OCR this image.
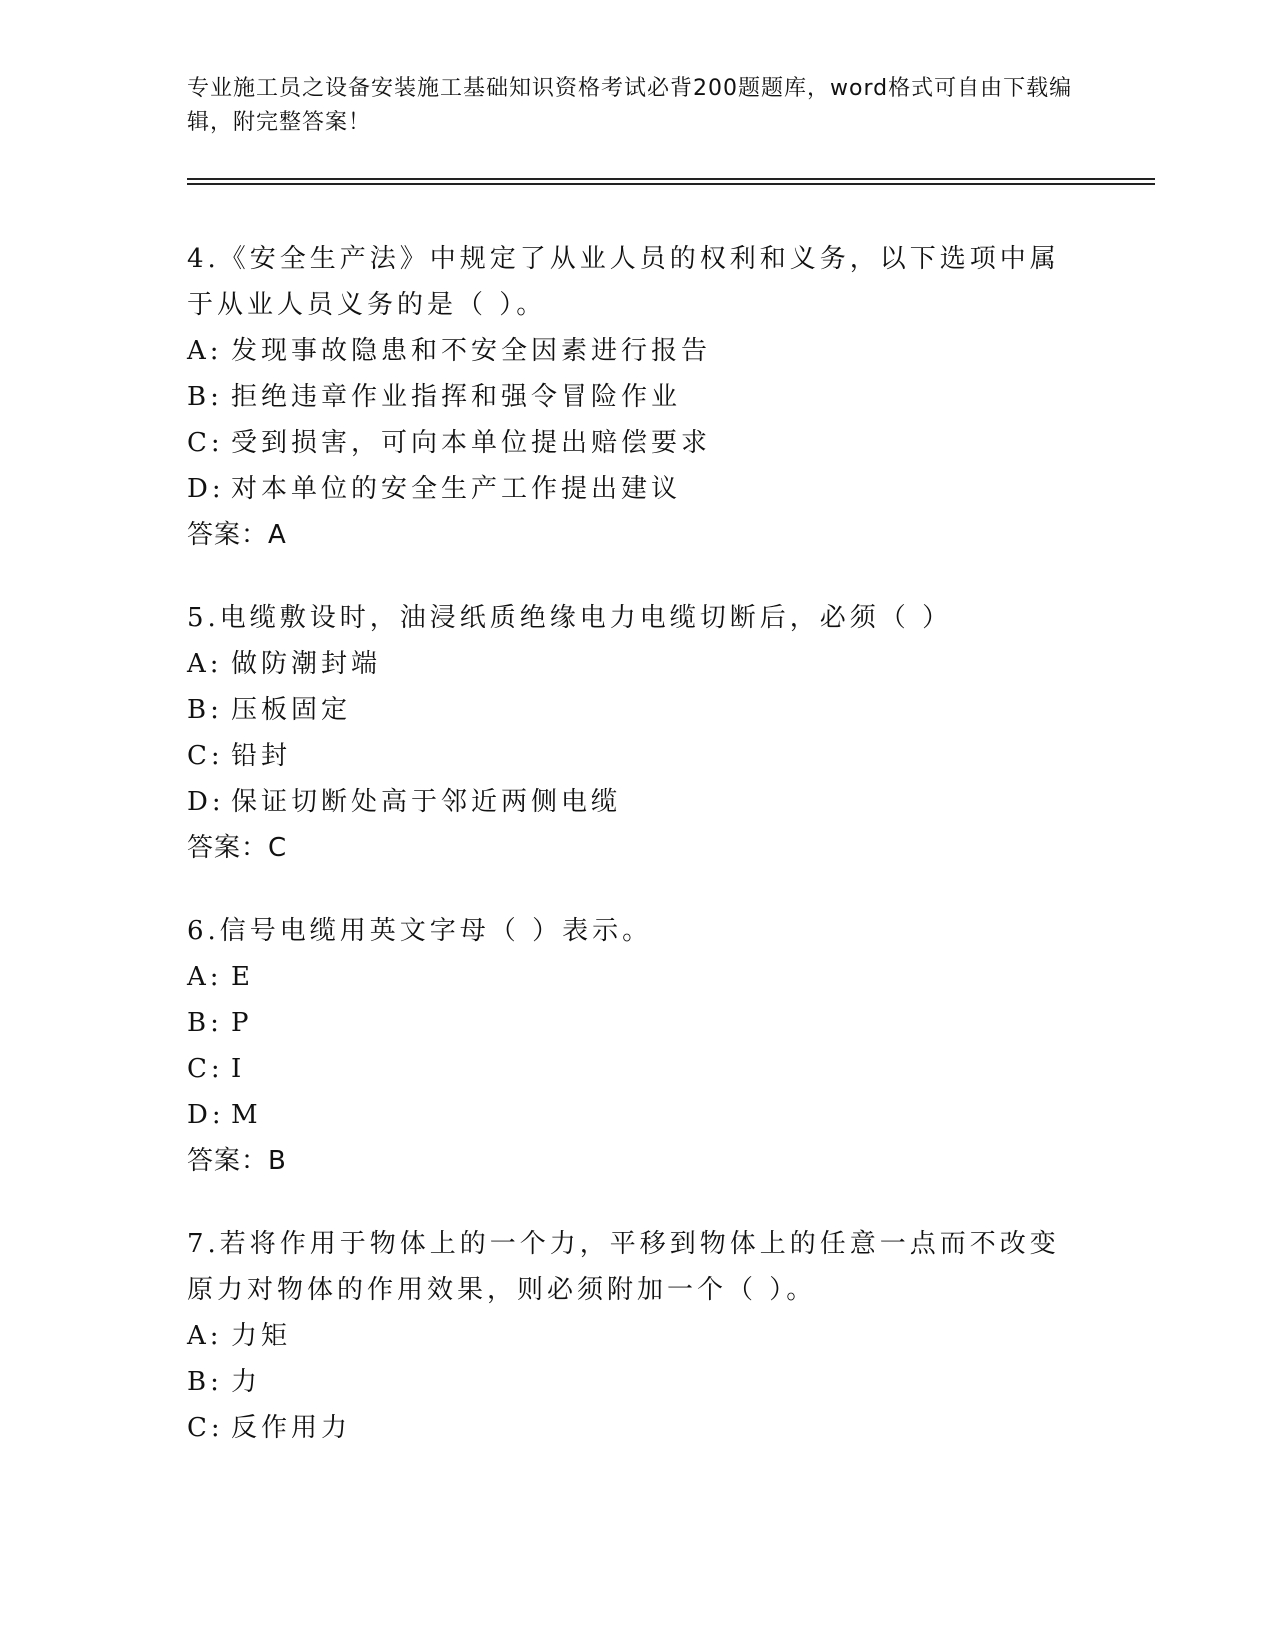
专业施工员之设备安装施工基础知识资格考试必背200题题库，word格式可自由下载编辑，附完整答案！

4.《安全生产法》中规定了从业人员的权利和义务，以下选项中属于从业人员义务的是（ ）。

A: 发现事故隐患和不安全因素进行报告
B: 拒绝违章作业指挥和强令冒险作业
C: 受到损害，可向本单位提出赔偿要求
D: 对本单位的安全生产工作提出建议

答案：A

5.电缆敷设时，油浸纸质绝缘电力电缆切断后，必须（ ）

A: 做防潮封端
B: 压板固定
C: 铅封
D: 保证切断处高于邻近两侧电缆

答案：C

6.信号电缆用英文字母（ ）表示。

A: E
B: P
C: I
D: M

答案：B

7.若将作用于物体上的一个力，平移到物体上的任意一点而不改变原力对物体的作用效果，则必须附加一个（ ）。

A: 力矩
B: 力
C: 反作用力
